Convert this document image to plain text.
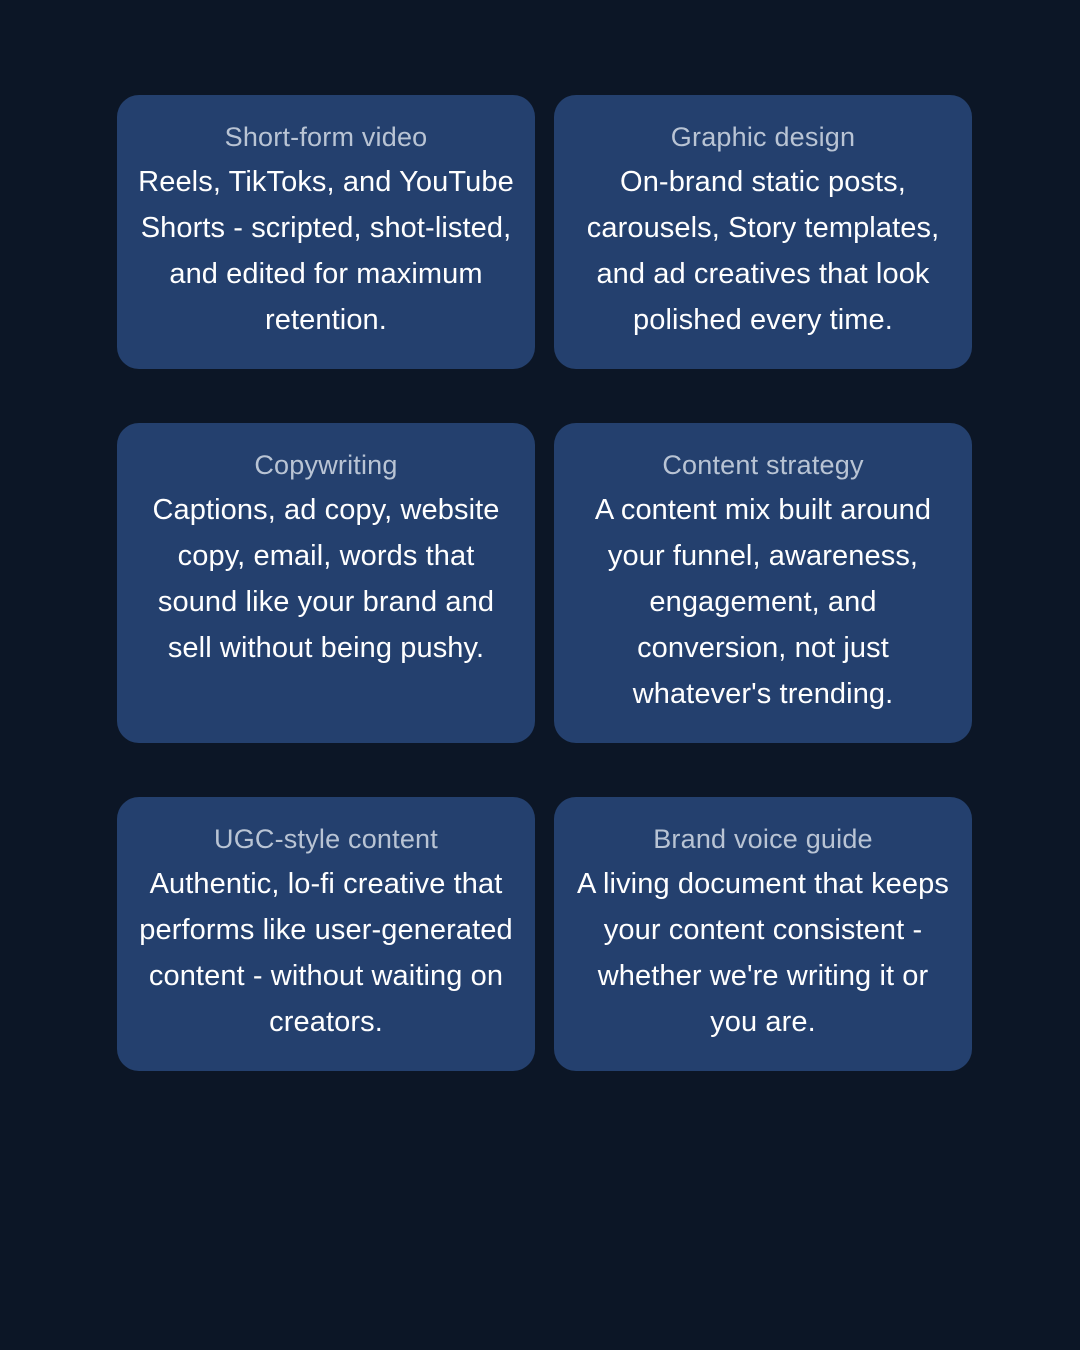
Short-form video
Reels, TikToks, and YouTube Shorts - scripted, shot-listed, and edited for maximum retention.
Graphic design
On-brand static posts, carousels, Story templates, and ad creatives that look polished every time.
Copywriting
Captions, ad copy, website copy, email, words that sound like your brand and sell without being pushy.
Content strategy
A content mix built around your funnel, awareness, engagement, and conversion, not just whatever's trending.
UGC-style content
Authentic, lo-fi creative that performs like user-generated content - without waiting on creators.
Brand voice guide
A living document that keeps your content consistent - whether we're writing it or you are.
